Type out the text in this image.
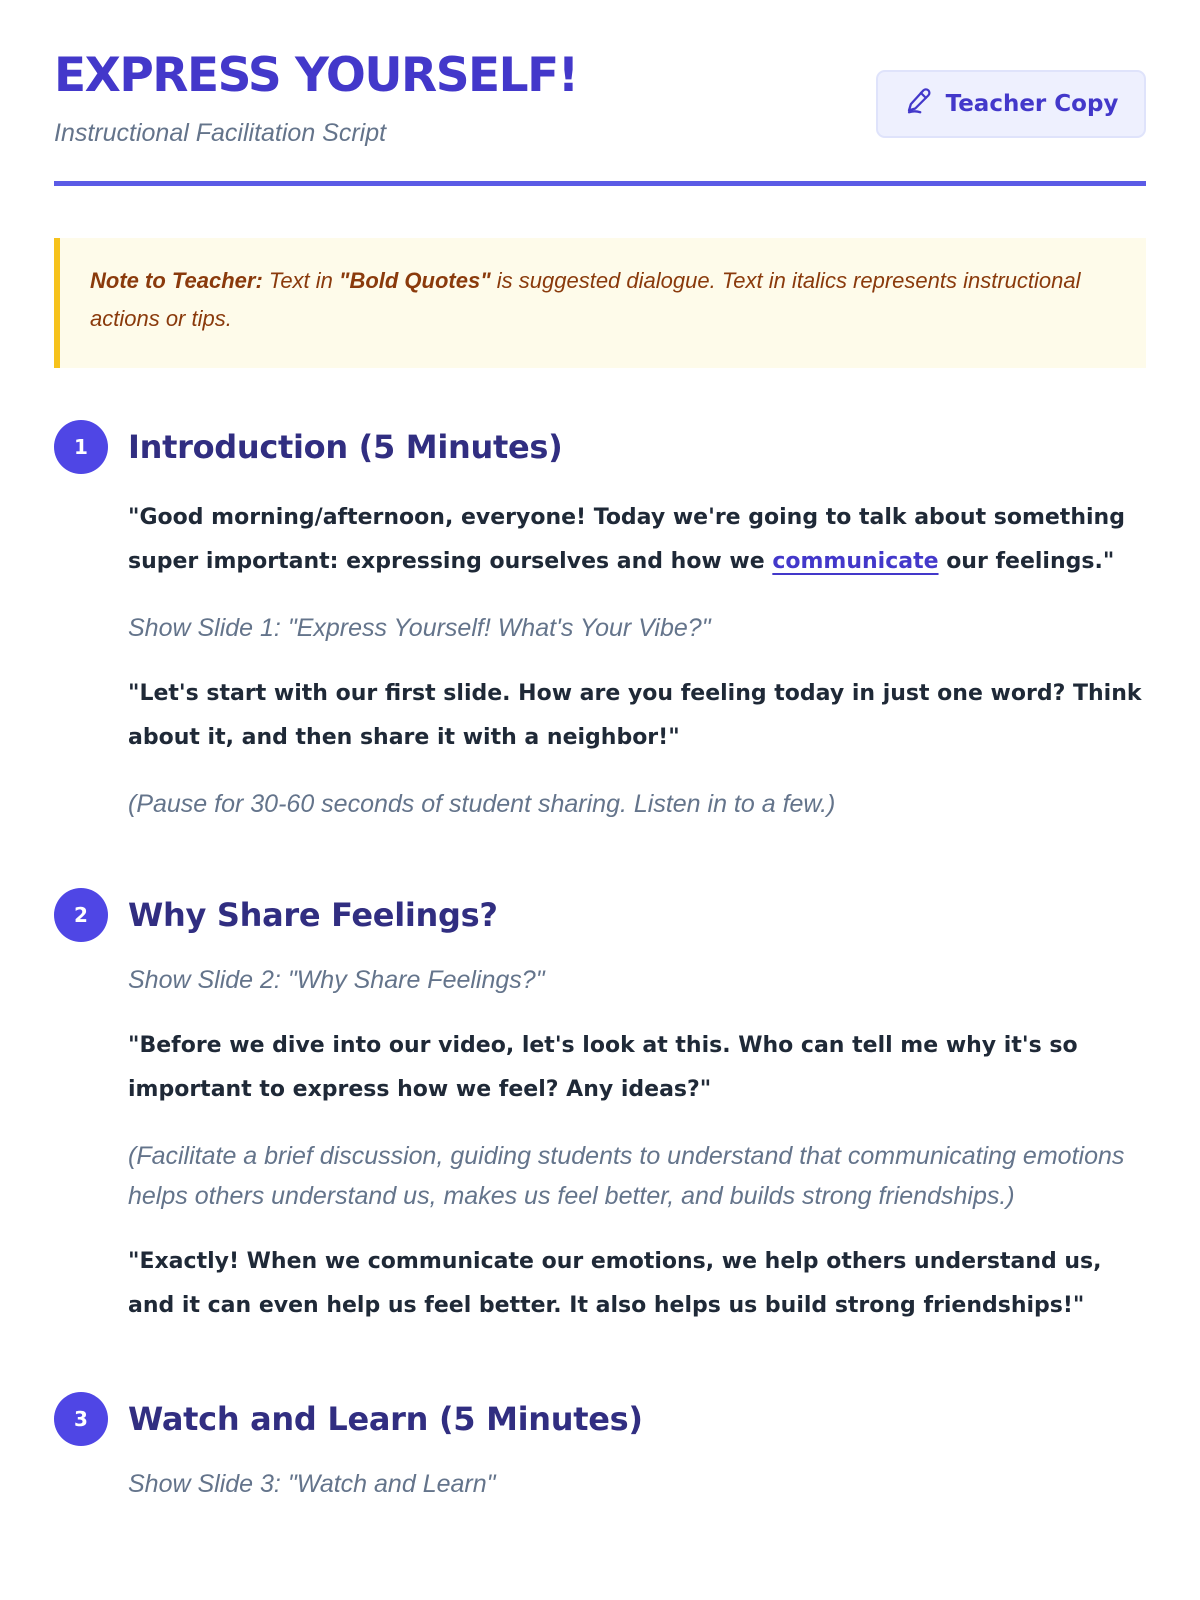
EXPRESS YOURSELF!

Instructional Facilitation Script

Teacher Copy
Note to Teacher: Text in "Bold Quotes" is suggested dialogue. Text in italics represents instructional actions or tips.
1	Introduction (5 Minutes)

"Good morning/afternoon, everyone! Today we're going to talk about something super important: expressing ourselves and how we communicate our feelings."

Show Slide 1: "Express Yourself! What's Your Vibe?"

"Let's start with our first slide. How are you feeling today in just one word? Think about it, and then share it with a neighbor!"

(Pause for 30-60 seconds of student sharing. Listen in to a few.)

2	Why Share Feelings?

Show Slide 2: "Why Share Feelings?"

"Before we dive into our video, let's look at this. Who can tell me why it's so important to express how we feel? Any ideas?"

(Facilitate a brief discussion, guiding students to understand that communicating emotions helps others understand us, makes us feel better, and builds strong friendships.)

"Exactly! When we communicate our emotions, we help others understand us, and it can even help us feel better. It also helps us build strong friendships!"

3	Watch and Learn (5 Minutes)

Show Slide 3: "Watch and Learn"
